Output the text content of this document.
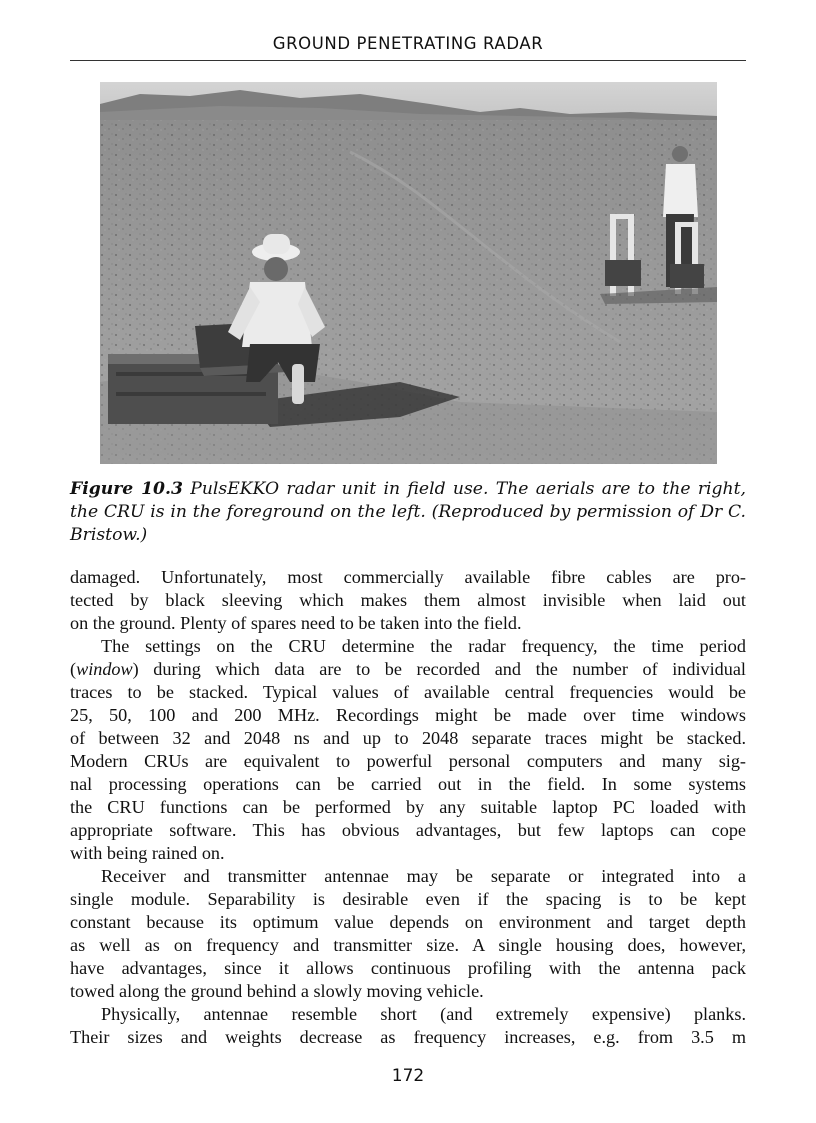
GROUND PENETRATING RADAR
Figure 10.3 PulsEKKO radar unit in field use. The aerials are to the right, the CRU is in the foreground on the left. (Reproduced by permission of Dr C. Bristow.)
damaged. Unfortunately, most commercially available fibre cables are pro-
tected by black sleeving which makes them almost invisible when laid out
on the ground. Plenty of spares need to be taken into the field.
The settings on the CRU determine the radar frequency, the time period
(window) during which data are to be recorded and the number of individual
traces to be stacked. Typical values of available central frequencies would be
25, 50, 100 and 200 MHz. Recordings might be made over time windows
of between 32 and 2048 ns and up to 2048 separate traces might be stacked.
Modern CRUs are equivalent to powerful personal computers and many sig-
nal processing operations can be carried out in the field. In some systems
the CRU functions can be performed by any suitable laptop PC loaded with
appropriate software. This has obvious advantages, but few laptops can cope
with being rained on.
Receiver and transmitter antennae may be separate or integrated into a
single module. Separability is desirable even if the spacing is to be kept
constant because its optimum value depends on environment and target depth
as well as on frequency and transmitter size. A single housing does, however,
have advantages, since it allows continuous profiling with the antenna pack
towed along the ground behind a slowly moving vehicle.
Physically, antennae resemble short (and extremely expensive) planks.
Their sizes and weights decrease as frequency increases, e.g. from 3.5 m
172
